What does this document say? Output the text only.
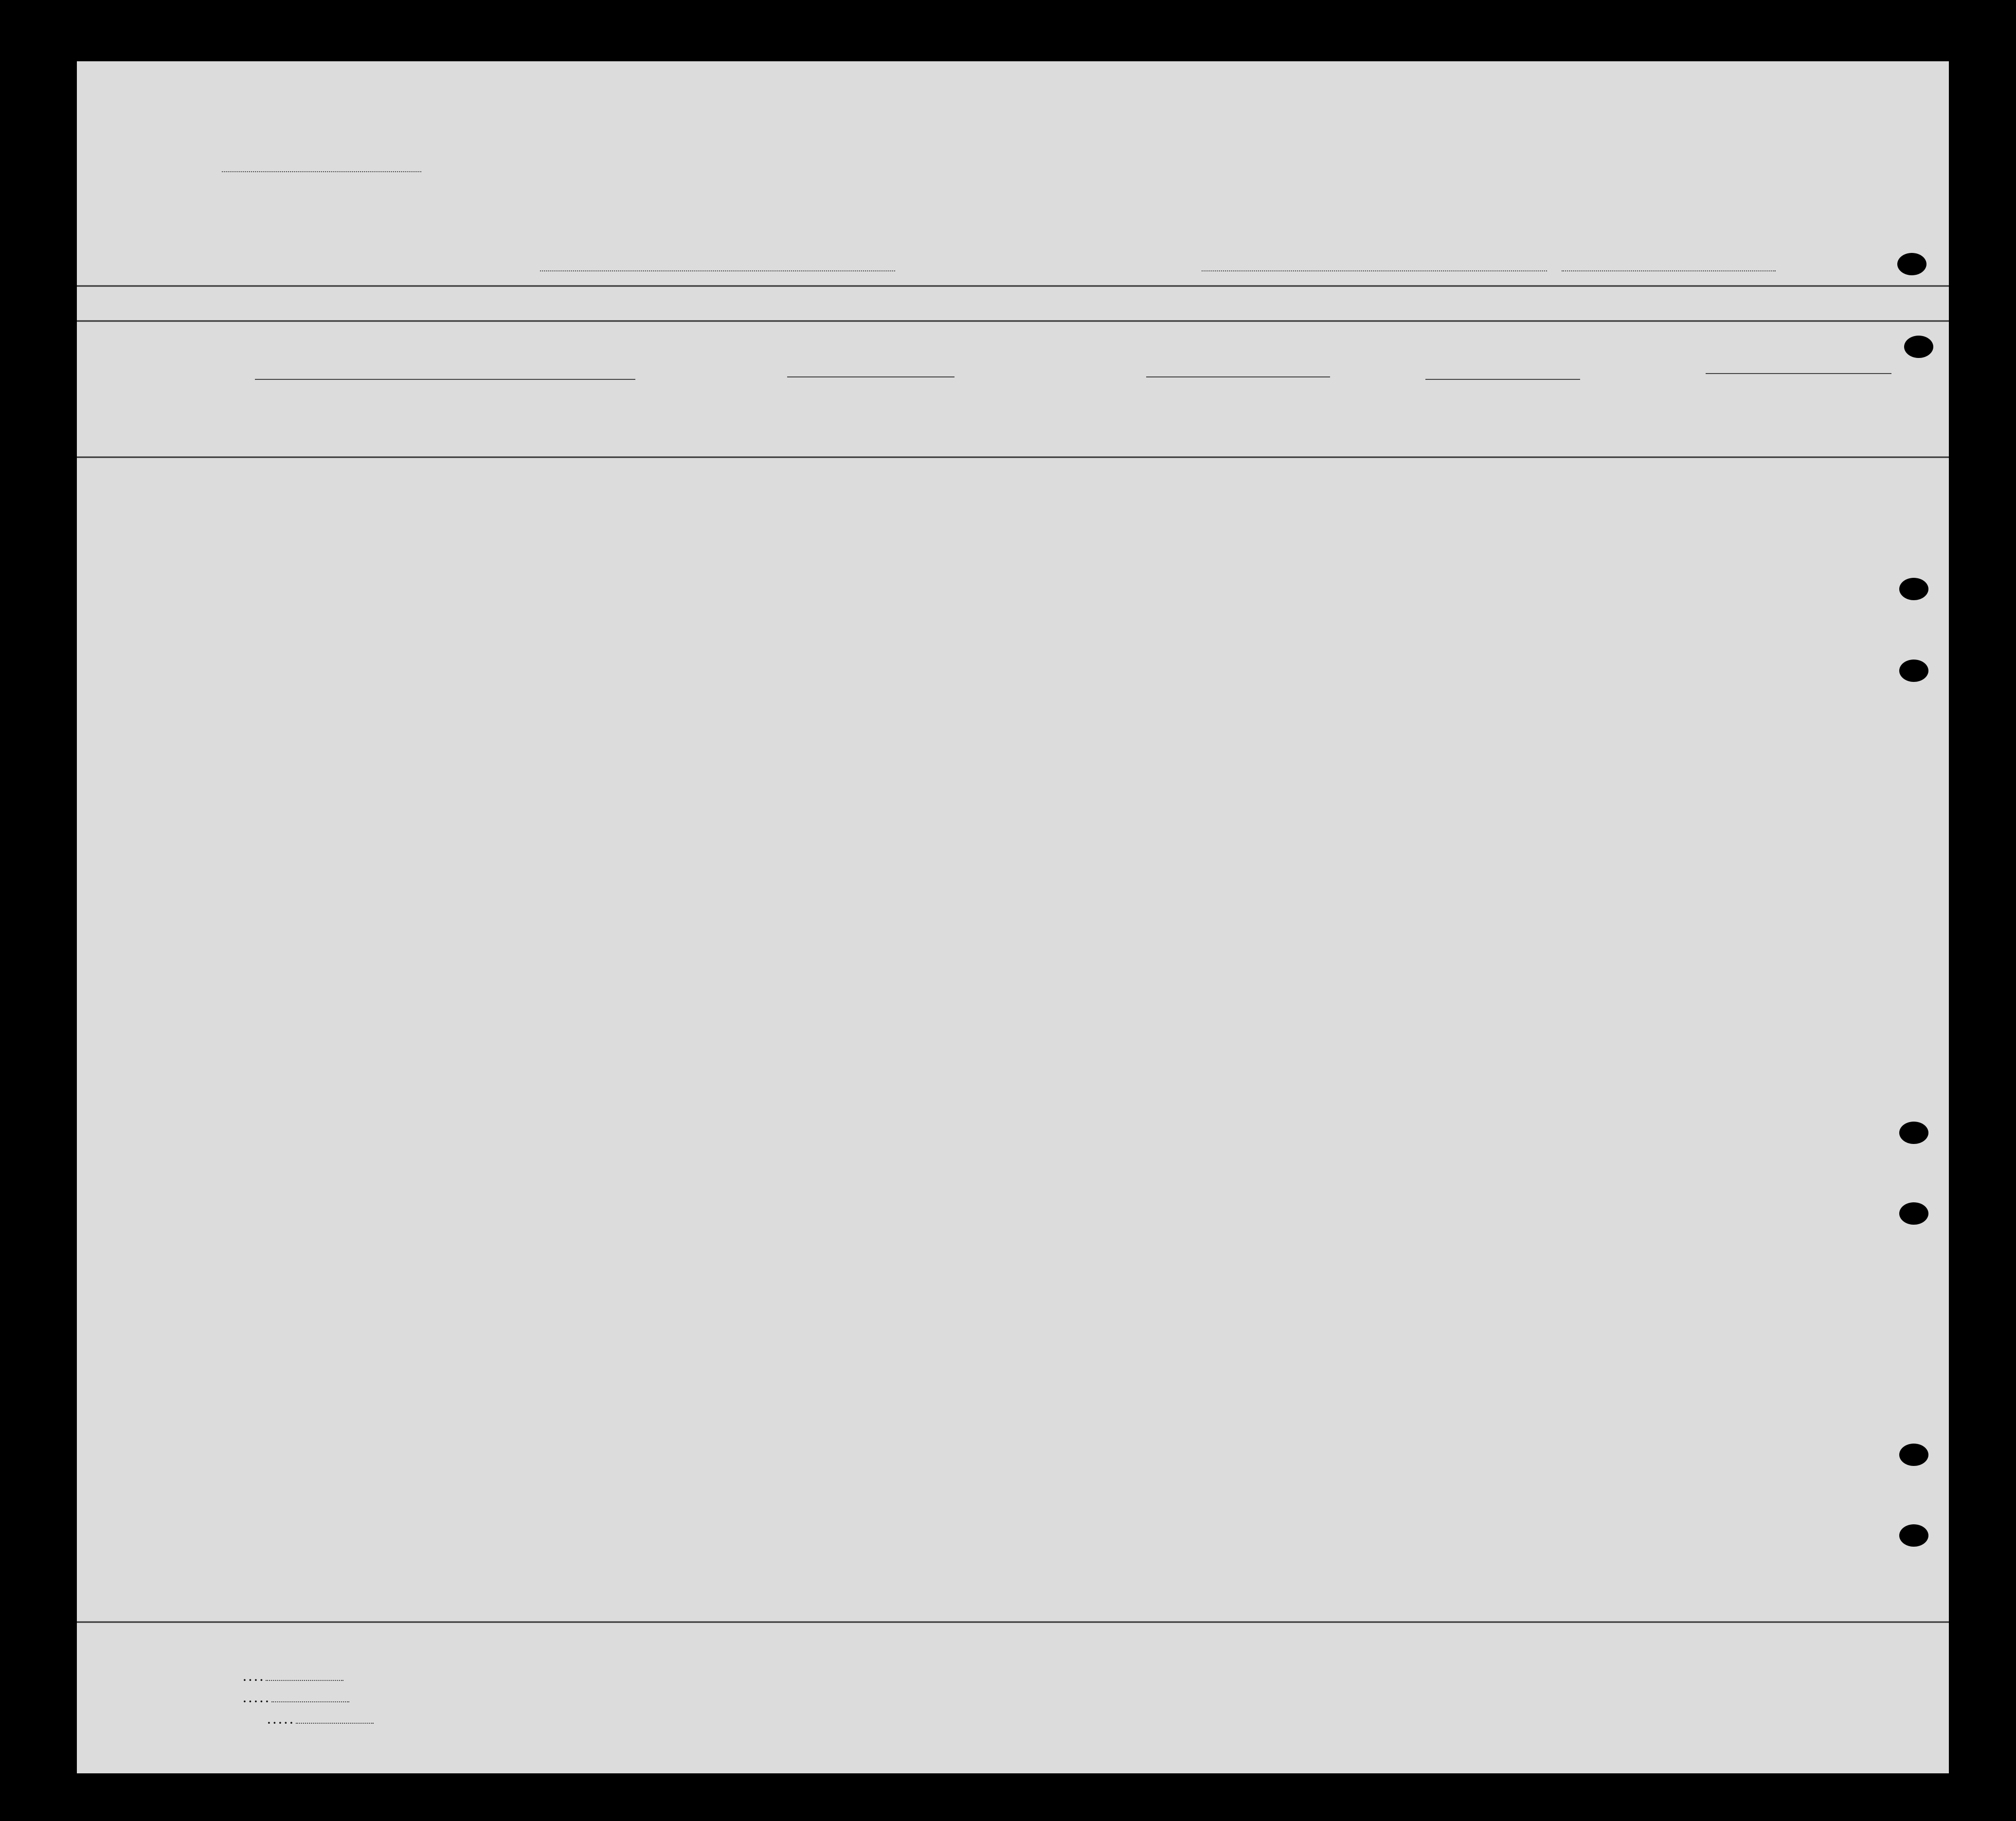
. . . .
. . . . .
. . . . .
